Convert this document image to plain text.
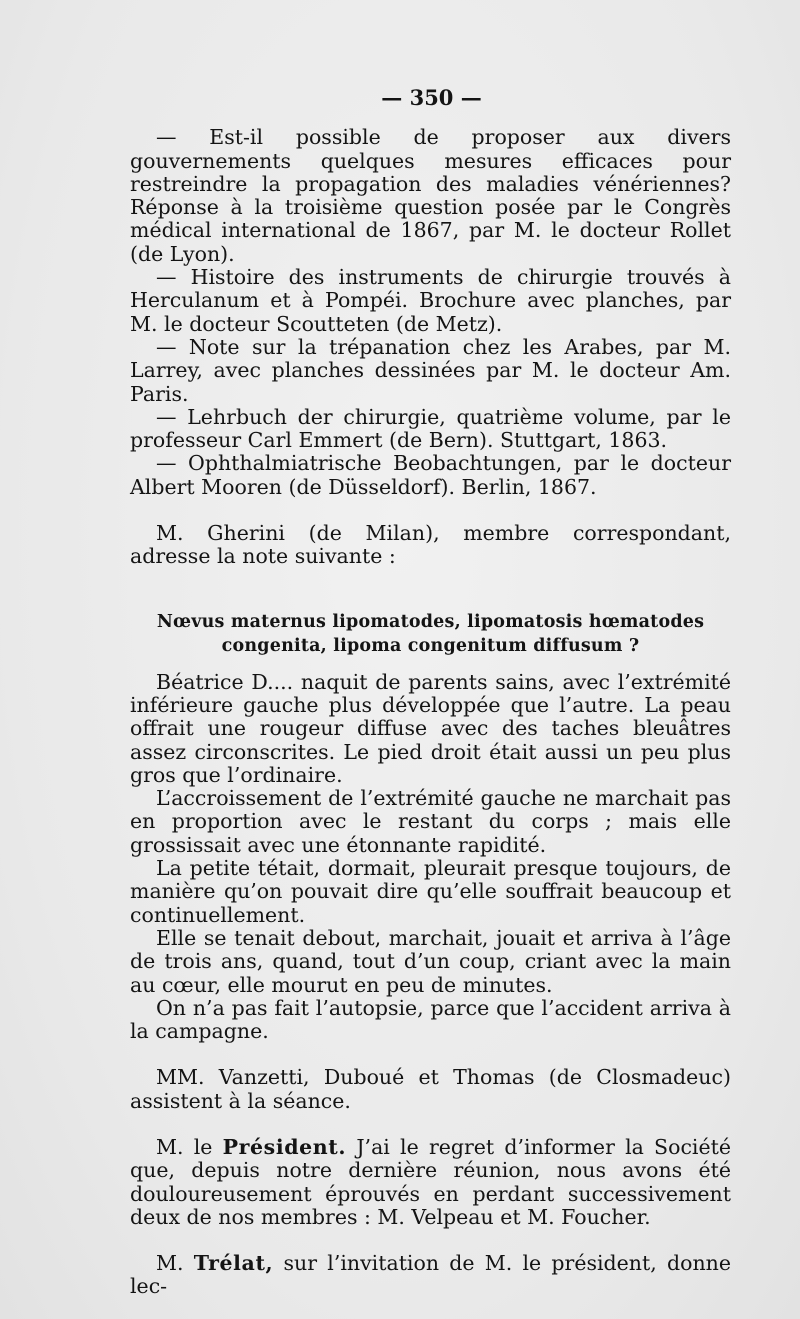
— 350 —

— Est-il possible de proposer aux divers gouvernements quelques mesures efficaces pour restreindre la propagation des maladies vénériennes? Réponse à la troisième question posée par le Congrès médical international de 1867, par M. le docteur Rollet (de Lyon).

— Histoire des instruments de chirurgie trouvés à Herculanum et à Pompéi. Brochure avec planches, par M. le docteur Scoutteten (de Metz).

— Note sur la trépanation chez les Arabes, par M. Larrey, avec planches dessinées par M. le docteur Am. Paris.

— Lehrbuch der chirurgie, quatrième volume, par le professeur Carl Emmert (de Bern). Stuttgart, 1863.

— Ophthalmiatrische Beobachtungen, par le docteur Albert Mooren (de Düsseldorf). Berlin, 1867.

M. Gherini (de Milan), membre correspondant, adresse la note suivante :

Nœvus maternus lipomatodes, lipomatosis hœmatodes
congenita, lipoma congenitum diffusum ?

Béatrice D.... naquit de parents sains, avec l’extrémité inférieure gauche plus développée que l’autre. La peau offrait une rougeur diffuse avec des taches bleuâtres assez circonscrites. Le pied droit était aussi un peu plus gros que l’ordinaire.

L’accroissement de l’extrémité gauche ne marchait pas en proportion avec le restant du corps ; mais elle grossissait avec une étonnante rapidité.

La petite tétait, dormait, pleurait presque toujours, de manière qu’on pouvait dire qu’elle souffrait beaucoup et continuellement.

Elle se tenait debout, marchait, jouait et arriva à l’âge de trois ans, quand, tout d’un coup, criant avec la main au cœur, elle mourut en peu de minutes.

On n’a pas fait l’autopsie, parce que l’accident arriva à la campagne.

MM. Vanzetti, Duboué et Thomas (de Closmadeuc) assistent à la séance.

M. le Président. J’ai le regret d’informer la Société que, depuis notre dernière réunion, nous avons été douloureusement éprouvés en perdant successivement deux de nos membres : M. Velpeau et M. Foucher.

M. Trélat, sur l’invitation de M. le président, donne lec-
